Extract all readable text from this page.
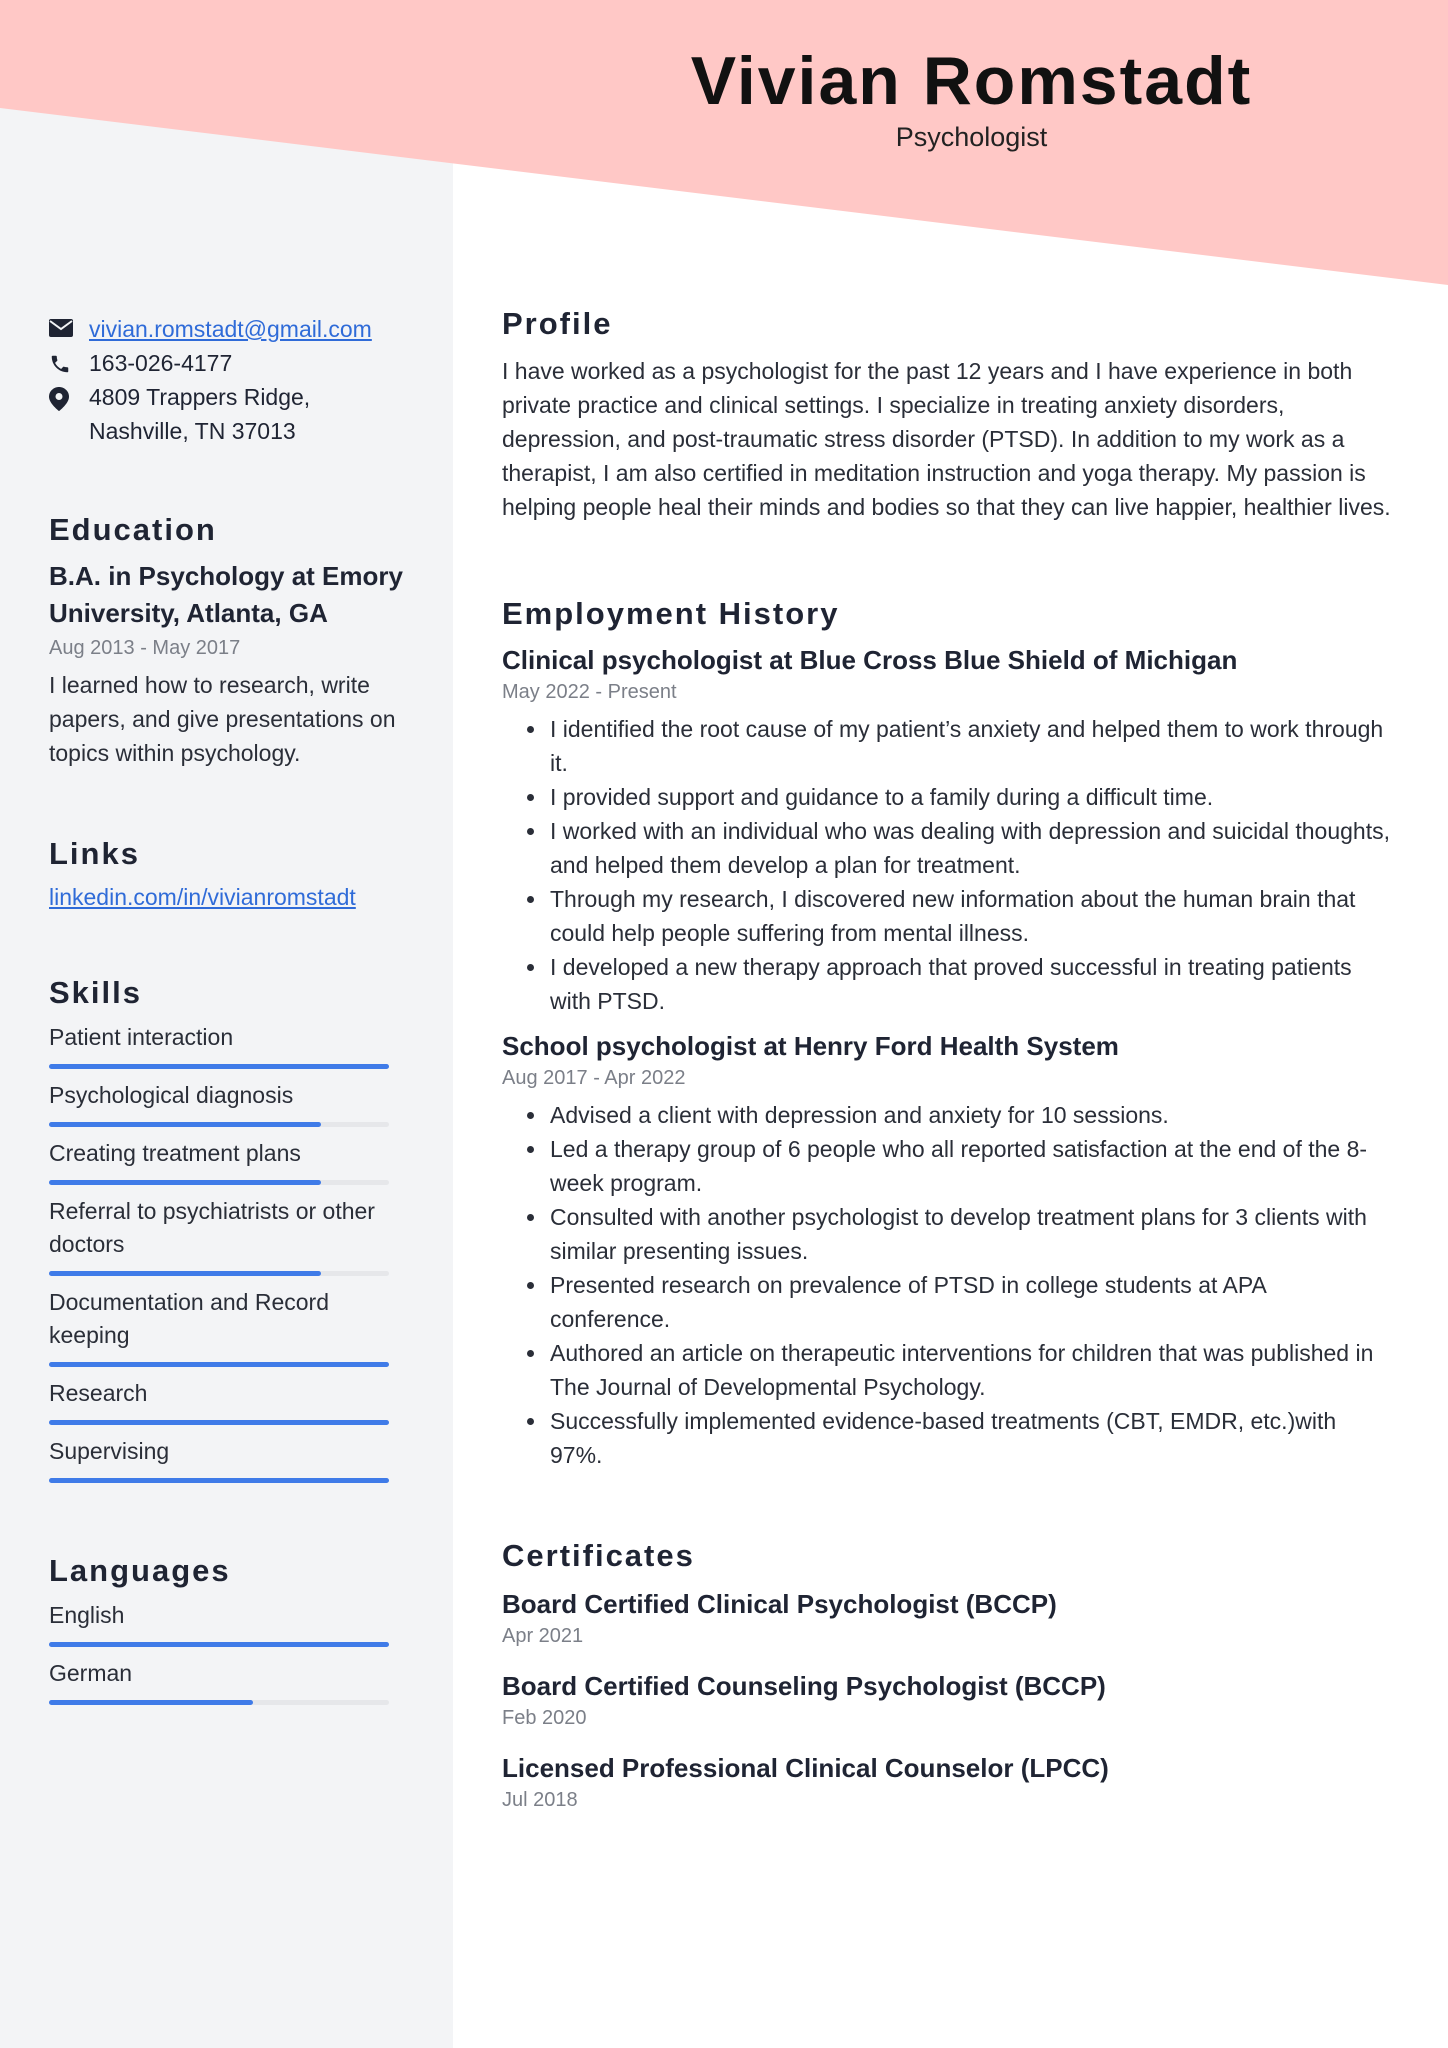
Vivian Romstadt
Psychologist
vivian.romstadt@gmail.com
163-026-4177
4809 Trappers Ridge,
Nashville, TN 37013
Education
B.A. in Psychology at Emory University, Atlanta, GA
Aug 2013 - May 2017
I learned how to research, write papers, and give presentations on topics within psychology.
Links
linkedin.com/in/vivianromstadt
Skills
Patient interaction
Psychological diagnosis
Creating treatment plans
Referral to psychiatrists or other doctors
Documentation and Record keeping
Research
Supervising
Languages
English
German
Profile
I have worked as a psychologist for the past 12 years and I have experience in both private practice and clinical settings. I specialize in treating anxiety disorders, depression, and post-traumatic stress disorder (PTSD). In addition to my work as a therapist, I am also certified in meditation instruction and yoga therapy. My passion is helping people heal their minds and bodies so that they can live happier, healthier lives.
Employment History
Clinical psychologist at Blue Cross Blue Shield of Michigan
May 2022 - Present
• I identified the root cause of my patient’s anxiety and helped them to work through it.
• I provided support and guidance to a family during a difficult time.
• I worked with an individual who was dealing with depression and suicidal thoughts, and helped them develop a plan for treatment.
• Through my research, I discovered new information about the human brain that could help people suffering from mental illness.
• I developed a new therapy approach that proved successful in treating patients with PTSD.
School psychologist at Henry Ford Health System
Aug 2017 - Apr 2022
• Advised a client with depression and anxiety for 10 sessions.
• Led a therapy group of 6 people who all reported satisfaction at the end of the 8-week program.
• Consulted with another psychologist to develop treatment plans for 3 clients with similar presenting issues.
• Presented research on prevalence of PTSD in college students at APA conference.
• Authored an article on therapeutic interventions for children that was published in The Journal of Developmental Psychology.
• Successfully implemented evidence-based treatments (CBT, EMDR, etc.)with 97%.
Certificates
Board Certified Clinical Psychologist (BCCP)
Apr 2021
Board Certified Counseling Psychologist (BCCP)
Feb 2020
Licensed Professional Clinical Counselor (LPCC)
Jul 2018
